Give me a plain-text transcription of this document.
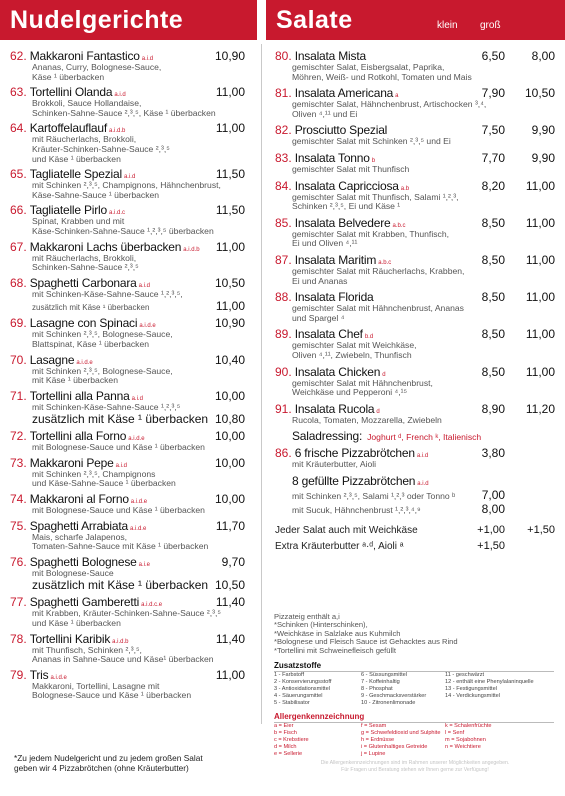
Nudelgerichte	Salate	klein groß
62. Makkaroni Fantastico a.i.d	10,90
Ananas, Curry, Bolognese-Sauce,
Käse ¹ überbacken
63. Tortellini Olanda a.i.d	11,00
Brokkoli, Sauce Hollandaise,
Schinken-Sahne-Sauce ²,³,⁵, Käse ¹ überbacken
64. Kartoffelauflauf a.i.d.b	11,00
mit Räucherlachs, Brokkoli,
Kräuter-Schinken-Sahne-Sauce ²,³,⁵
und Käse ¹ überbacken
65. Tagliatelle Spezial a.i.d	11,50
mit Schinken ²,³,⁵, Champignons, Hähnchenbrust,
Käse-Sahne-Sauce ¹ überbacken
66. Tagliatelle Pirlo a.i.d.c	11,50
Spinat, Krabben und mit
Käse-Schinken-Sahne-Sauce ¹,²,³,⁵ überbacken
67. Makkaroni Lachs überbacken a.i.d.b 11,00
mit Räucherlachs, Brokkoli,
Schinken-Sahne-Sauce ²,³,⁵
68. Spaghetti Carbonara a.i.d	10,50
mit Schinken-Käse-Sahne-Sauce ¹,²,³,⁵,
zusätzlich mit Käse ¹ überbacken	11,00
69. Lasagne con Spinaci a.i.d.e	10,90
mit Schinken ²,³,⁵, Bolognese-Sauce,
Blattspinat, Käse ¹ überbacken
70. Lasagne a.i.d.e	10,40
mit Schinken ²,³,⁵, Bolognese-Sauce,
mit Käse ¹ überbacken
71. Tortellini alla Panna a.i.d	10,00
mit Schinken-Käse-Sahne-Sauce ¹,²,³,⁵
zusätzlich mit Käse ¹ überbacken 10,80
72. Tortellini alla Forno a.i.d.e	10,00
mit Bolognese-Sauce und Käse ¹ überbacken
73. Makkaroni Pepe a.i.d	10,00
mit Schinken ²,³,⁵, Champignons
und Käse-Sahne-Sauce ¹ überbacken
74. Makkaroni al Forno a.i.d.e	10,00
mit Bolognese-Sauce und Käse ¹ überbacken
75. Spaghetti Arrabiata a.i.d.e	11,70
Mais, scharfe Jalapenos,
Tomaten-Sahne-Sauce mit Käse ¹ überbacken
76. Spaghetti Bolognese a.i.e	9,70
mit Bolognese-Sauce
zusätzlich mit Käse ¹ überbacken 10,50
77. Spaghetti Gamberetti a.i.d.c.e	11,40
mit Krabben, Kräuter-Schinken-Sahne-Sauce ²,³,⁵
und Käse ¹ überbacken
78. Tortellini Karibik a.i.d.b	11,40
mit Thunfisch, Schinken ²,³,⁵,
Ananas in Sahne-Sauce und Käse¹ überbacken
79. Tris a.i.d.e	11,00
Makkaroni, Tortellini, Lasagne mit
Bolognese-Sauce und Käse ¹ überbacken
80. Insalata Mista	6,50	8,00
gemischter Salat, Eisbergsalat, Paprika,
Möhren, Weiß- und Rotkohl, Tomaten und Mais
81. Insalata Americana a	7,90	10,50
gemischter Salat, Hähnchenbrust, Artischocken ³,⁴,
Oliven ⁴,¹¹ und Ei
82. Prosciutto Spezial	7,50	9,90
gemischter Salat mit Schinken ²,³,⁵ und Ei
83. Insalata Tonno b	7,70	9,90
gemischter Salat mit Thunfisch
84. Insalata Capricciosa a.b	8,20	11,00
gemischter Salat mit Thunfisch, Salami ¹,²,³,
Schinken ²,³,⁵, Ei und Käse ¹
85. Insalata Belvedere a.b.c	8,50	11,00
gemischter Salat mit Krabben, Thunfisch,
Ei und Oliven ⁴,¹¹
87. Insalata Maritim a.b.c	8,50	11,00
gemischter Salat mit Räucherlachs, Krabben,
Ei und Ananas
88. Insalata Florida	8,50	11,00
gemischter Salat mit Hähnchenbrust, Ananas
und Spargel ⁴
89. Insalata Chef b.d	8,50	11,00
gemischter Salat mit Weichkäse,
Oliven ⁴,¹¹, Zwiebeln, Thunfisch
90. Insalata Chicken d	8,50	11,00
gemischter Salat mit Hähnchenbrust,
Weichkäse und Pepperoni ⁴,¹⁵
91. Insalata Rucola d	8,90	11,20
Rucola, Tomaten, Mozzarella, Zwiebeln
Saladressing: Joghurt ᵈ, French ᵏ, Italienisch
86. 6 frische Pizzabrötchen a.i.d	3,80
mit Kräuterbutter, Aioli
8 gefüllte Pizzabrötchen a.i.d
mit Schinken ²,³,⁵, Salami ¹,²,³ oder Tonno ᵇ	7,00
mit Sucuk, Hähnchenbrust ¹,²,³,⁴,⁹	8,00
Jeder Salat auch mit Weichkäse	+1,00	+1,50
Extra Kräuterbutter ᵃ·ᵈ, Aioli ᵃ	+1,50
Pizzateig enthält a,i
*Schinken (Hinterschinken),
*Weichkäse in Salzlake aus Kuhmilch
*Bolognese und Fleisch Sauce ist Gehacktes aus Rind
*Tortellini mit Schweinefleisch gefüllt
Zusatzstoffe
1 - Farbstoff	6 - Süssungsmittel	11 - geschwärzt
2 - Konservierungsstoff	7 - Koffeinhaltig	12 - enthält eine Phenylalaninquelle
3 - Antioxidationsmittel	8 - Phosphat	13 - Festigungsmittel
4 - Säuerungsmittel	9 - Geschmacksverstärker	14 - Verdickungsmittel
5 - Stabilisator	10 - Zitronenlimonade
Allergenkennzeichnung
a = Eier	f = Sesam	k = Schalenfrüchte
b = Fisch	g = Schwefeldioxid und Sulphite l = Senf
c = Krebstiere	h = Erdnüsse	m = Sojabohnen
d = Milch	i = Glutenhaltiges Getreide	n = Weichtiere
e = Sellerie	j = Lupine
*Zu jedem Nudelgericht und zu jedem großen Salat
geben wir 4 Pizzabrötchen (ohne Kräuterbutter)	Die Allergenkennzeichnungen sind im Rahmen unserer Möglichkeiten angegeben.
Für Fragen und Beratung stehen wir Ihnen gerne zur Verfügung!
